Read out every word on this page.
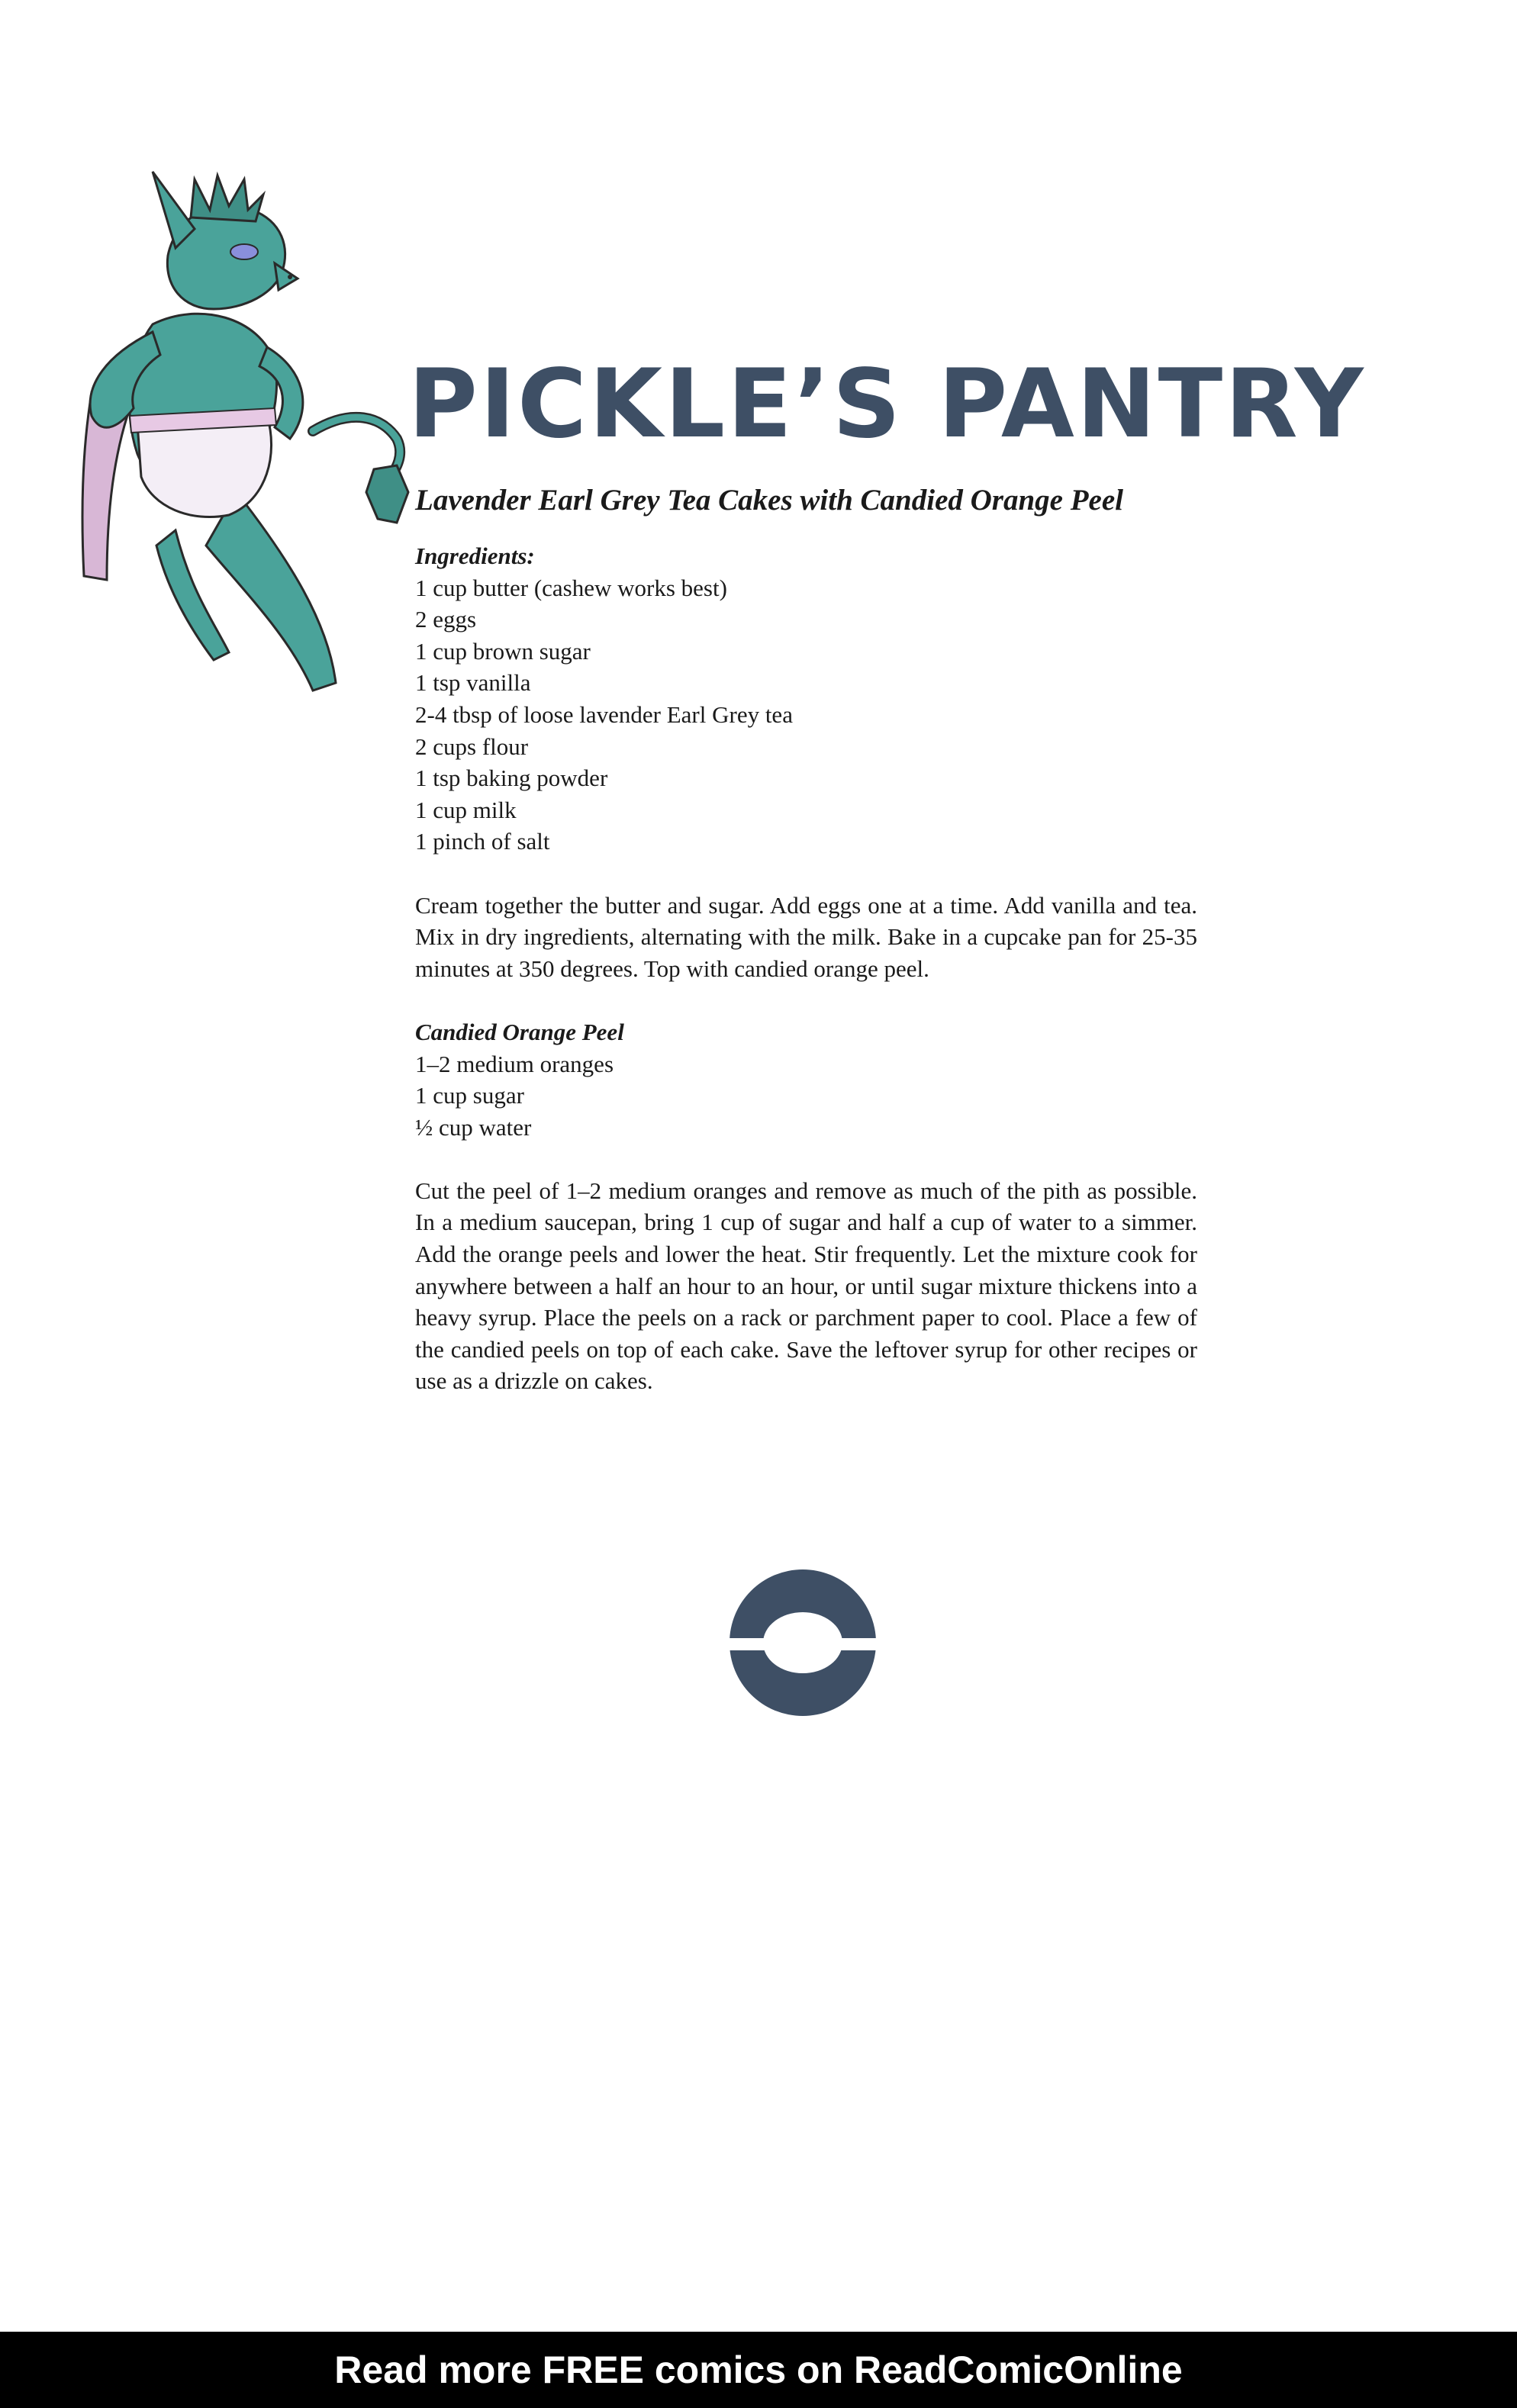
PICKLE’S PANTRY
Lavender Earl Grey Tea Cakes with Candied Orange Peel
Ingredients:
1 cup butter (cashew works best)
2 eggs
1 cup brown sugar
1 tsp vanilla
2-4 tbsp of loose lavender Earl Grey tea
2 cups flour
1 tsp baking powder
1 cup milk
1 pinch of salt

Cream together the butter and sugar. Add eggs one at a time. Add vanilla and tea. Mix in dry ingredients, alternating with the milk. Bake in a cupcake pan for 25-35 minutes at 350 degrees. Top with candied orange peel.

Candied Orange Peel
1–2 medium oranges
1 cup sugar
½ cup water

Cut the peel of 1–2 medium oranges and remove as much of the pith as possible. In a medium saucepan, bring 1 cup of sugar and half a cup of water to a simmer. Add the orange peels and lower the heat. Stir frequently. Let the mixture cook for anywhere between a half an hour to an hour, or until sugar mixture thickens into a heavy syrup. Place the peels on a rack or parchment paper to cool. Place a few of the candied peels on top of each cake. Save the leftover syrup for other recipes or use as a drizzle on cakes.

Read more FREE comics on ReadComicOnline
